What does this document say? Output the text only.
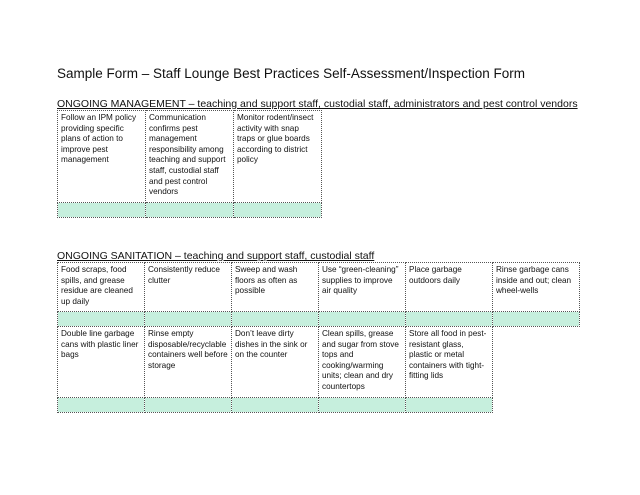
Sample Form – Staff Lounge Best Practices Self-Assessment/Inspection Form
ONGOING MANAGEMENT – teaching and support staff, custodial staff, administrators and pest control vendors
Follow an IPM policy providing specific plans of action to improve pest management	Communication confirms pest management responsibility among teaching and support staff, custodial staff and pest control vendors	Monitor rodent/insect activity with snap traps or glue boards according to district policy

ONGOING SANITATION – teaching and support staff, custodial staff
Food scraps, food spills, and grease residue are cleaned up daily	Consistently reduce clutter	Sweep and wash floors as often as possible	Use “green-cleaning” supplies to improve air quality	Place garbage outdoors daily	Rinse garbage cans inside and out; clean wheel-wells

Double line garbage cans with plastic liner bags	Rinse empty disposable/recyclable containers well before storage	Don’t leave dirty dishes in the sink or on the counter	Clean spills, grease and sugar from stove tops and cooking/warming units; clean and dry countertops	Store all food in pest-resistant glass, plastic or metal containers with tight-fitting lids	
